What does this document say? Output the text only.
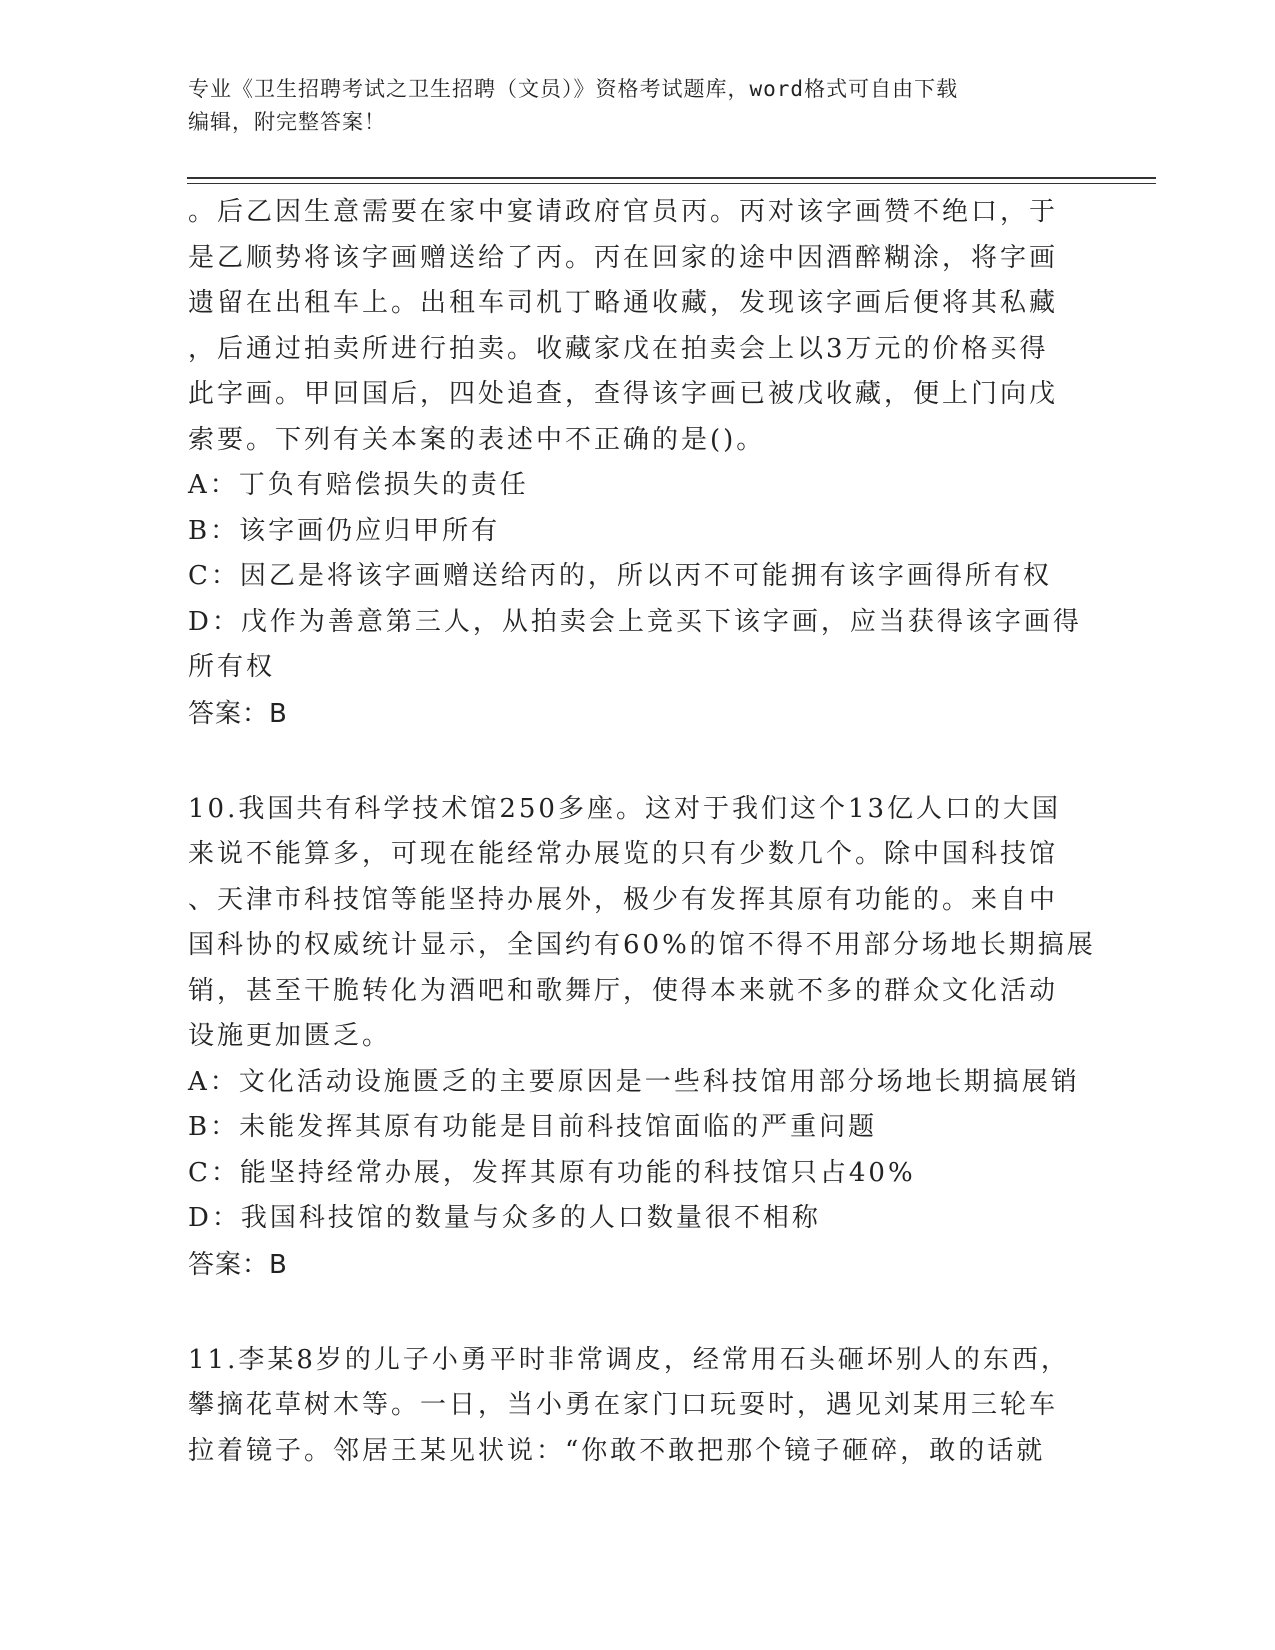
专业《卫生招聘考试之卫生招聘（文员）》资格考试题库，word格式可自由下载
编辑，附完整答案！
。后乙因生意需要在家中宴请政府官员丙。丙对该字画赞不绝口，于
是乙顺势将该字画赠送给了丙。丙在回家的途中因酒醉糊涂，将字画
遗留在出租车上。出租车司机丁略通收藏，发现该字画后便将其私藏
，后通过拍卖所进行拍卖。收藏家戊在拍卖会上以3万元的价格买得
此字画。甲回国后，四处追查，查得该字画已被戊收藏，便上门向戊
索要。下列有关本案的表述中不正确的是()。
A：丁负有赔偿损失的责任
B：该字画仍应归甲所有
C：因乙是将该字画赠送给丙的，所以丙不可能拥有该字画得所有权
D：戊作为善意第三人，从拍卖会上竞买下该字画，应当获得该字画得
所有权
答案：B
10.我国共有科学技术馆250多座。这对于我们这个13亿人口的大国
来说不能算多，可现在能经常办展览的只有少数几个。除中国科技馆
、天津市科技馆等能坚持办展外，极少有发挥其原有功能的。来自中
国科协的权威统计显示，全国约有60%的馆不得不用部分场地长期搞展
销，甚至干脆转化为酒吧和歌舞厅，使得本来就不多的群众文化活动
设施更加匮乏。
A：文化活动设施匮乏的主要原因是一些科技馆用部分场地长期搞展销
B：未能发挥其原有功能是目前科技馆面临的严重问题
C：能坚持经常办展，发挥其原有功能的科技馆只占40%
D：我国科技馆的数量与众多的人口数量很不相称
答案：B
11.李某8岁的儿子小勇平时非常调皮，经常用石头砸坏别人的东西，
攀摘花草树木等。一日，当小勇在家门口玩耍时，遇见刘某用三轮车
拉着镜子。邻居王某见状说：“你敢不敢把那个镜子砸碎，敢的话就
